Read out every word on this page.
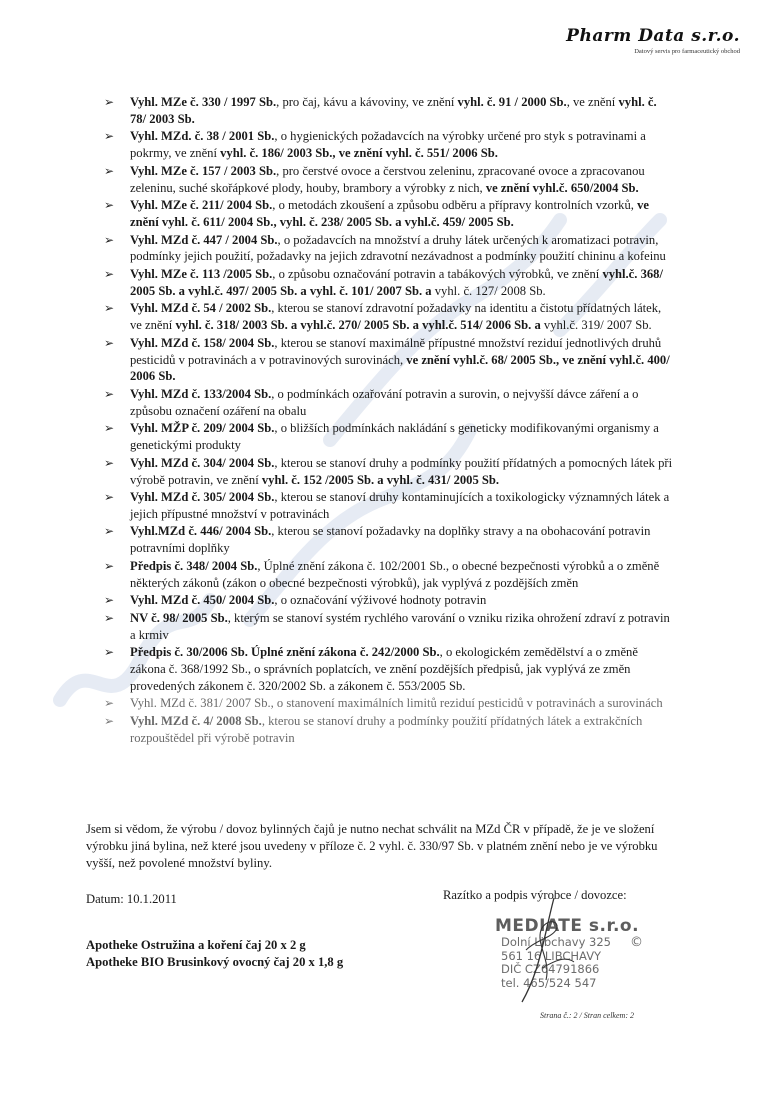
Pharm Data s.r.o.
Datový servis pro farmaceutický obchod
➢ Vyhl. MZe č. 330 / 1997 Sb., pro čaj, kávu a kávoviny, ve znění vyhl. č. 91 / 2000 Sb., ve znění vyhl. č. 78/ 2003 Sb.
➢ Vyhl. MZd. č. 38 / 2001 Sb., o hygienických požadavcích na výrobky určené pro styk s potravinami a pokrmy, ve znění vyhl. č. 186/ 2003 Sb., ve znění vyhl. č. 551/ 2006 Sb.
➢ Vyhl. MZe č. 157 / 2003 Sb., pro čerstvé ovoce a čerstvou zeleninu, zpracované ovoce a zpracovanou zeleninu, suché skořápkové plody, houby, brambory a výrobky z nich, ve znění vyhl.č. 650/2004 Sb.
➢ Vyhl. MZe č. 211/ 2004 Sb., o metodách zkoušení a způsobu odběru a přípravy kontrolních vzorků, ve znění vyhl. č. 611/ 2004 Sb., vyhl. č. 238/ 2005 Sb. a vyhl.č. 459/ 2005 Sb.
➢ Vyhl. MZd č. 447 / 2004 Sb., o požadavcích na množství a druhy látek určených k aromatizaci potravin, podmínky jejich použití, požadavky na jejich zdravotní nezávadnost a podmínky použití chininu a kofeinu
➢ Vyhl. MZe č. 113 /2005 Sb., o způsobu označování potravin a tabákových výrobků, ve znění vyhl.č. 368/ 2005 Sb. a vyhl.č. 497/ 2005 Sb. a vyhl. č. 101/ 2007 Sb. a vyhl. č. 127/ 2008 Sb.
➢ Vyhl. MZd č. 54 / 2002 Sb., kterou se stanoví zdravotní požadavky na identitu a čistotu přídatných látek, ve znění vyhl. č. 318/ 2003 Sb. a vyhl.č. 270/ 2005 Sb. a vyhl.č. 514/ 2006 Sb. a vyhl.č. 319/ 2007 Sb.
➢ Vyhl. MZd č. 158/ 2004 Sb., kterou se stanoví maximálně přípustné množství reziduí jednotlivých druhů pesticidů v potravinách a v potravinových surovinách, ve znění vyhl.č. 68/ 2005 Sb., ve znění vyhl.č. 400/ 2006 Sb.
➢ Vyhl. MZd č. 133/2004 Sb., o podmínkách ozařování potravin a surovin, o nejvyšší dávce záření a o způsobu označení ozáření na obalu
➢ Vyhl. MŽP č. 209/ 2004 Sb., o bližších podmínkách nakládání s geneticky modifikovanými organismy a genetickými produkty
➢ Vyhl. MZd č. 304/ 2004 Sb., kterou se stanoví druhy a podmínky použití přídatných a pomocných látek při výrobě potravin, ve znění vyhl. č. 152 /2005 Sb. a vyhl. č. 431/ 2005 Sb.
➢ Vyhl. MZd č. 305/ 2004 Sb., kterou se stanoví druhy kontaminujících a toxikologicky významných látek a jejich přípustné množství v potravinách
➢ Vyhl.MZd č. 446/ 2004 Sb., kterou se stanoví požadavky na doplňky stravy a na obohacování potravin potravními doplňky
➢ Předpis č. 348/ 2004 Sb., Úplné znění zákona č. 102/2001 Sb., o obecné bezpečnosti výrobků a o změně některých zákonů (zákon o obecné bezpečnosti výrobků), jak vyplývá z pozdějších změn
➢ Vyhl. MZd č. 450/ 2004 Sb., o označování výživové hodnoty potravin
➢ NV č. 98/ 2005 Sb., kterým se stanoví systém rychlého varování o vzniku rizika ohrožení zdraví z potravin a krmiv
➢ Předpis č. 30/2006 Sb. Úplné znění zákona č. 242/2000 Sb., o ekologickém zemědělství a o změně zákona č. 368/1992 Sb., o správních poplatcích, ve znění pozdějších předpisů, jak vyplývá ze změn provedených zákonem č. 320/2002 Sb. a zákonem č. 553/2005 Sb.
➢ Vyhl. MZd č. 381/ 2007 Sb., o stanovení maximálních limitů reziduí pesticidů v potravinách a surovinách
➢ Vyhl. MZd č. 4/ 2008 Sb., kterou se stanoví druhy a podmínky použití přídatných látek a extrakčních rozpouštědel při výrobě potravin
Jsem si vědom, že výrobu / dovoz bylinných čajů je nutno nechat schválit na MZd ČR v případě, že je ve složení výrobku jiná bylina, než které jsou uvedeny v příloze č. 2 vyhl. č. 330/97 Sb. v platném znění nebo je ve výrobku vyšší, než povolené množství byliny.
Datum: 10.1.2011	Razítko a podpis výrobce / dovozce:
Apotheke Ostružina a koření čaj 20 x 2 g
Apotheke BIO Brusinkový ovocný čaj 20 x 1,8 g
MEDIATE s.r.o.
Dolní Libchavy 325
561 16 LIBCHAVY
DIČ CZ64791866
tel. 465/524 547
©
Strana č.: 2 / Stran celkem: 2
